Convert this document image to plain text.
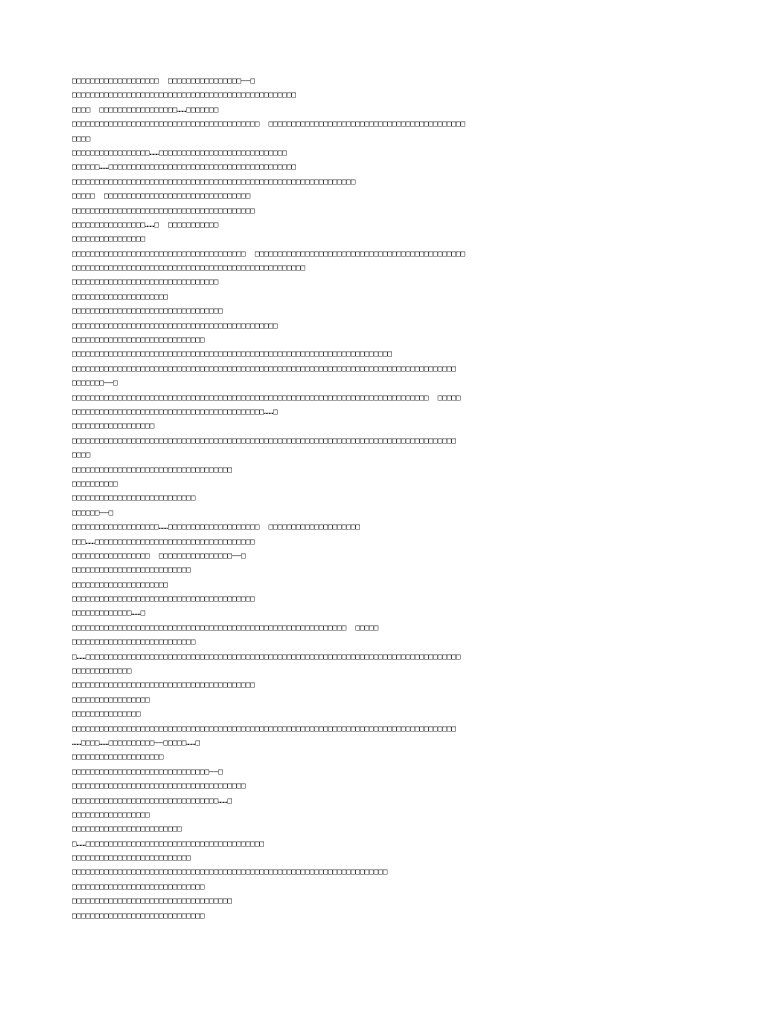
□□□□□□□□□□□□□□□□□□□  □□□□□□□□□□□□□□□□——□
□□□□□□□□□□□□□□□□□□□□□□□□□□□□□□□□□□□□□□□□□□□□□□□□□
□□□□  □□□□□□□□□□□□□□□□□……□□□□□□□
□□□□□□□□□□□□□□□□□□□□□□□□□□□□□□□□□□□□□□□□□  □□□□□□□□□□□□□□□□□□□□□□□□□□□□□□□□□□□□□□□□□□□
□□□□
□□□□□□□□□□□□□□□□□……□□□□□□□□□□□□□□□□□□□□□□□□□□□□
□□□□□□……□□□□□□□□□□□□□□□□□□□□□□□□□□□□□□□□□□□□□□□□□
□□□□□□□□□□□□□□□□□□□□□□□□□□□□□□□□□□□□□□□□□□□□□□□□□□□□□□□□□□□□□□
□□□□□  □□□□□□□□□□□□□□□□□□□□□□□□□□□□□□□□
□□□□□□□□□□□□□□□□□□□□□□□□□□□□□□□□□□□□□□□□
□□□□□□□□□□□□□□□□……□  □□□□□□□□□□□
□□□□□□□□□□□□□□□□
□□□□□□□□□□□□□□□□□□□□□□□□□□□□□□□□□□□□□□  □□□□□□□□□□□□□□□□□□□□□□□□□□□□□□□□□□□□□□□□□□□□□□
□□□□□□□□□□□□□□□□□□□□□□□□□□□□□□□□□□□□□□□□□□□□□□□□□□□
□□□□□□□□□□□□□□□□□□□□□□□□□□□□□□□□
□□□□□□□□□□□□□□□□□□□□□
□□□□□□□□□□□□□□□□□□□□□□□□□□□□□□□□□
□□□□□□□□□□□□□□□□□□□□□□□□□□□□□□□□□□□□□□□□□□□□□
□□□□□□□□□□□□□□□□□□□□□□□□□□□□□
□□□□□□□□□□□□□□□□□□□□□□□□□□□□□□□□□□□□□□□□□□□□□□□□□□□□□□□□□□□□□□□□□□□□□□
□□□□□□□□□□□□□□□□□□□□□□□□□□□□□□□□□□□□□□□□□□□□□□□□□□□□□□□□□□□□□□□□□□□□□□□□□□□□□□□□□□□□
□□□□□□□——□
□□□□□□□□□□□□□□□□□□□□□□□□□□□□□□□□□□□□□□□□□□□□□□□□□□□□□□□□□□□□□□□□□□□□□□□□□□□□□□  □□□□□
□□□□□□□□□□□□□□□□□□□□□□□□□□□□□□□□□□□□□□□□□□……□
□□□□□□□□□□□□□□□□□□
□□□□□□□□□□□□□□□□□□□□□□□□□□□□□□□□□□□□□□□□□□□□□□□□□□□□□□□□□□□□□□□□□□□□□□□□□□□□□□□□□□□□
□□□□
□□□□□□□□□□□□□□□□□□□□□□□□□□□□□□□□□□□
□□□□□□□□□□
□□□□□□□□□□□□□□□□□□□□□□□□□□□
□□□□□□——□
□□□□□□□□□□□□□□□□□□□……□□□□□□□□□□□□□□□□□□□□  □□□□□□□□□□□□□□□□□□□□
□□□……□□□□□□□□□□□□□□□□□□□□□□□□□□□□□□□□□□□
□□□□□□□□□□□□□□□□□  □□□□□□□□□□□□□□□□——□
□□□□□□□□□□□□□□□□□□□□□□□□□□
□□□□□□□□□□□□□□□□□□□□□
□□□□□□□□□□□□□□□□□□□□□□□□□□□□□□□□□□□□□□□□
□□□□□□□□□□□□□……□
□□□□□□□□□□□□□□□□□□□□□□□□□□□□□□□□□□□□□□□□□□□□□□□□□□□□□□□□□□□□  □□□□□
□□□□□□□□□□□□□□□□□□□□□□□□□□□
□……□□□□□□□□□□□□□□□□□□□□□□□□□□□□□□□□□□□□□□□□□□□□□□□□□□□□□□□□□□□□□□□□□□□□□□□□□□□□□□□□□□
□□□□□□□□□□□□□
□□□□□□□□□□□□□□□□□□□□□□□□□□□□□□□□□□□□□□□□
□□□□□□□□□□□□□□□□□
□□□□□□□□□□□□□□□
□□□□□□□□□□□□□□□□□□□□□□□□□□□□□□□□□□□□□□□□□□□□□□□□□□□□□□□□□□□□□□□□□□□□□□□□□□□□□□□□□□□□
……□□□□……□□□□□□□□□□——□□□□□……□
□□□□□□□□□□□□□□□□□□□□
□□□□□□□□□□□□□□□□□□□□□□□□□□□□□□——□
□□□□□□□□□□□□□□□□□□□□□□□□□□□□□□□□□□□□□□
□□□□□□□□□□□□□□□□□□□□□□□□□□□□□□□□……□
□□□□□□□□□□□□□□□□□
□□□□□□□□□□□□□□□□□□□□□□□□
□……□□□□□□□□□□□□□□□□□□□□□□□□□□□□□□□□□□□□□□□
□□□□□□□□□□□□□□□□□□□□□□□□□□
□□□□□□□□□□□□□□□□□□□□□□□□□□□□□□□□□□□□□□□□□□□□□□□□□□□□□□□□□□□□□□□□□□□□□
□□□□□□□□□□□□□□□□□□□□□□□□□□□□□
□□□□□□□□□□□□□□□□□□□□□□□□□□□□□□□□□□□
□□□□□□□□□□□□□□□□□□□□□□□□□□□□□
